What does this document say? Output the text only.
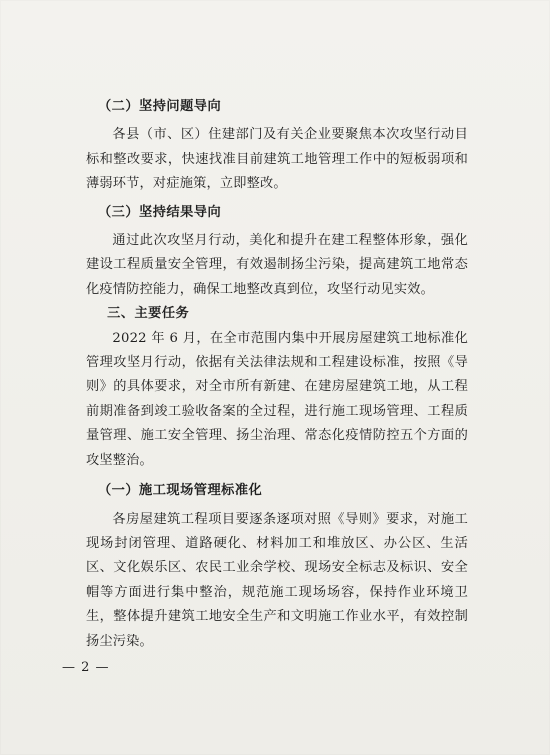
（二）坚持问题导向
各县（市、区）住建部门及有关企业要聚焦本次攻坚行动目标和整改要求，快速找准目前建筑工地管理工作中的短板弱项和薄弱环节，对症施策，立即整改。
（三）坚持结果导向
通过此次攻坚月行动，美化和提升在建工程整体形象，强化建设工程质量安全管理，有效遏制扬尘污染，提高建筑工地常态化疫情防控能力，确保工地整改真到位，攻坚行动见实效。
三、主要任务
2022 年 6 月，在全市范围内集中开展房屋建筑工地标准化管理攻坚月行动，依据有关法律法规和工程建设标准，按照《导则》的具体要求，对全市所有新建、在建房屋建筑工地，从工程前期准备到竣工验收备案的全过程，进行施工现场管理、工程质量管理、施工安全管理、扬尘治理、常态化疫情防控五个方面的攻坚整治。
（一）施工现场管理标准化
各房屋建筑工程项目要逐条逐项对照《导则》要求，对施工现场封闭管理、道路硬化、材料加工和堆放区、办公区、生活区、文化娱乐区、农民工业余学校、现场安全标志及标识、安全帽等方面进行集中整治，规范施工现场场容，保持作业环境卫生，整体提升建筑工地安全生产和文明施工作业水平，有效控制扬尘污染。
— 2 —
